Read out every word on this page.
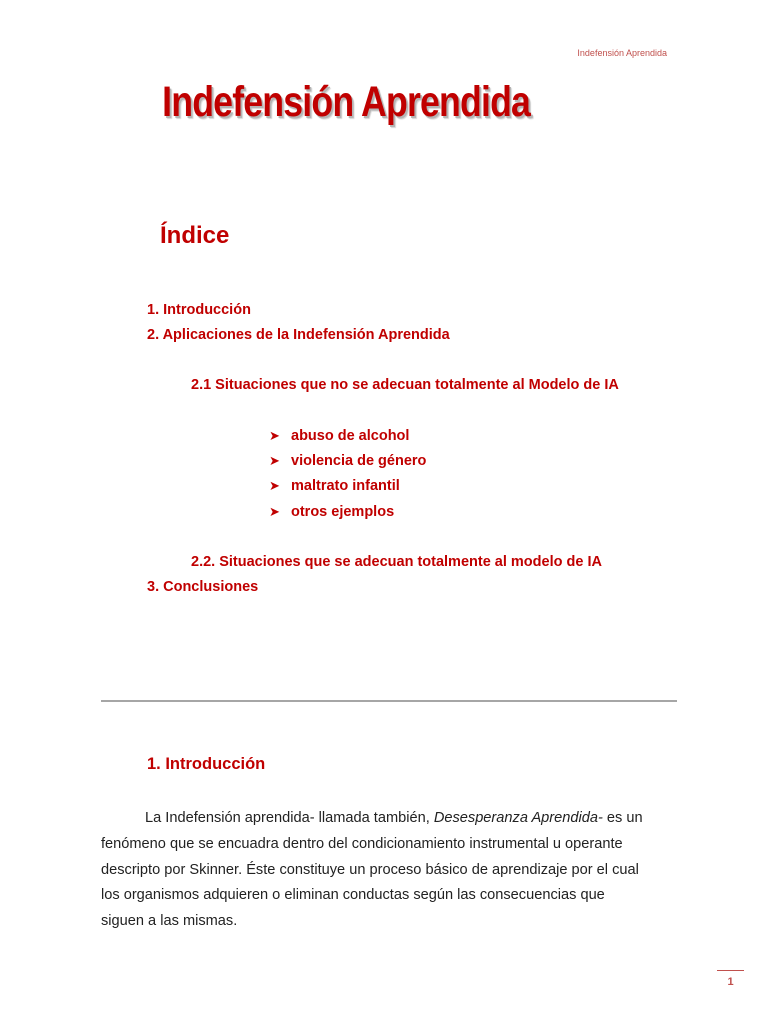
Indefensión Aprendida
Indefensión Aprendida
Índice
1. Introducción
2. Aplicaciones de la Indefensión Aprendida
2.1 Situaciones que no se adecuan totalmente al Modelo de IA
➤ abuso de alcohol
➤ violencia de género
➤ maltrato infantil
➤ otros ejemplos
2.2. Situaciones que se adecuan totalmente al modelo de IA
3. Conclusiones
1. Introducción
La Indefensión aprendida- llamada también, Desesperanza Aprendida- es un
fenómeno que se encuadra dentro del condicionamiento instrumental u operante
descripto por Skinner. Éste constituye un proceso básico de aprendizaje por el cual
los organismos adquieren o eliminan conductas según las consecuencias que
siguen a las mismas.
1
